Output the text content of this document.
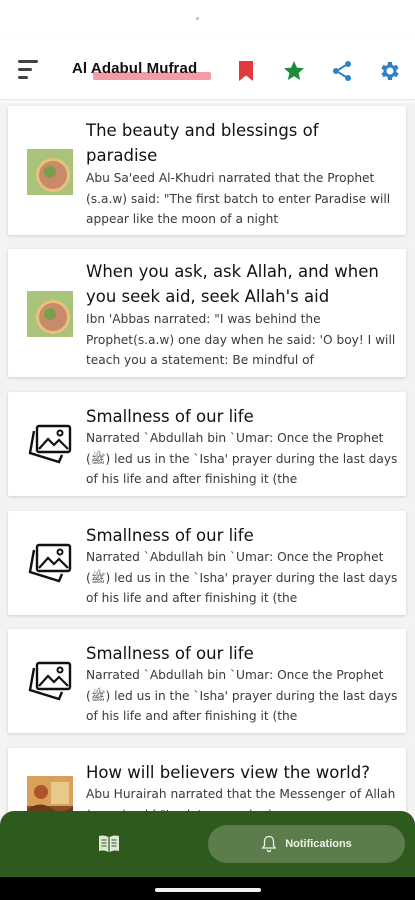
Al Adabul Mufrad
The beauty and blessings of paradise
Abu Sa'eed Al-Khudri narrated that the Prophet (s.a.w) said: "The first batch to enter Paradise will appear like the moon of a night
When you ask, ask Allah, and when you seek aid, seek Allah's aid
Ibn 'Abbas narrated: "I was behind the Prophet(s.a.w) one day when he said: 'O boy! I will teach you a statement: Be mindful of
Smallness of our life
Narrated `Abdullah bin `Umar: Once the Prophet (ﷺ) led us in the `Isha' prayer during the last days of his life and after finishing it (the
Smallness of our life
Narrated `Abdullah bin `Umar: Once the Prophet (ﷺ) led us in the `Isha' prayer during the last days of his life and after finishing it (the
Smallness of our life
Narrated `Abdullah bin `Umar: Once the Prophet (ﷺ) led us in the `Isha' prayer during the last days of his life and after finishing it (the
How will believers view the world?
Abu Hurairah narrated that the Messenger of Allah
Notifications
